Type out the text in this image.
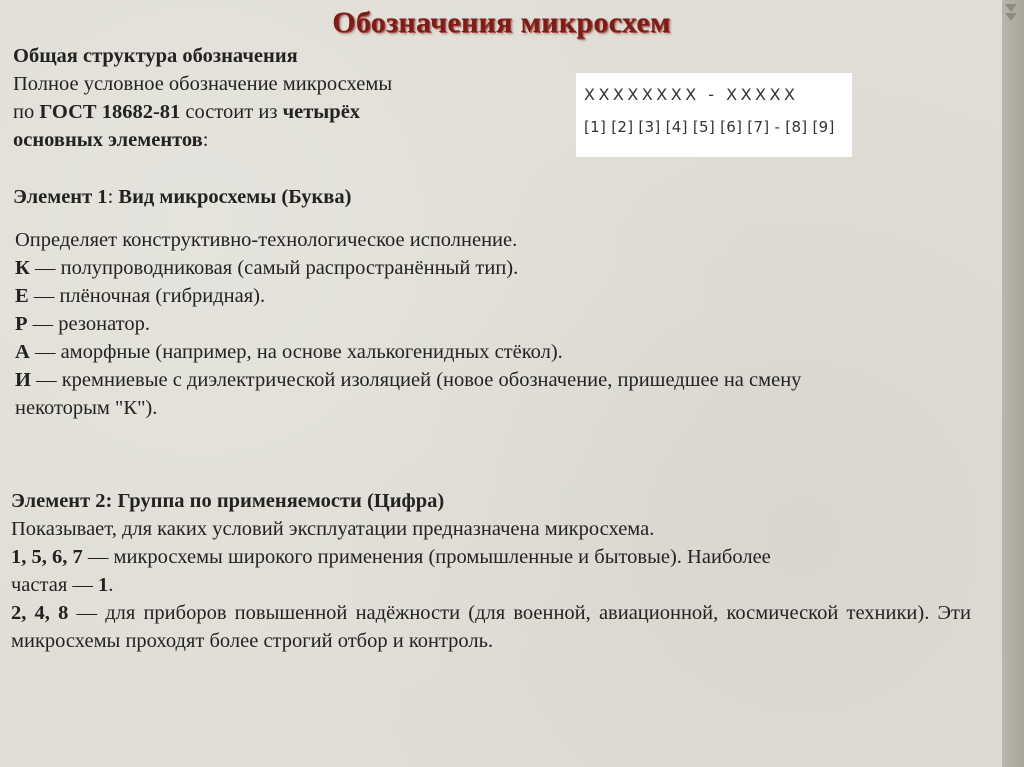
Обозначения микросхем
Общая структура обозначения
Полное условное обозначение микросхемы
по ГОСТ 18682-81 состоит из четырёх
основных элементов:
XXXXXXXX - XXXXX
[1] [2] [3] [4] [5] [6] [7] - [8] [9]
Элемент 1: Вид микросхемы (Буква)
Определяет конструктивно-технологическое исполнение.
К — полупроводниковая (самый распространённый тип).
Е — плёночная (гибридная).
Р — резонатор.
А — аморфные (например, на основе халькогенидных стёкол).
И — кремниевые с диэлектрической изоляцией (новое обозначение, пришедшее на смену
некоторым "К").
Элемент 2: Группа по применяемости (Цифра)
Показывает, для каких условий эксплуатации предназначена микросхема.
1, 5, 6, 7 — микросхемы широкого применения (промышленные и бытовые). Наиболее
частая — 1.

2, 4, 8 — для приборов повышенной надёжности (для военной, авиационной, космической техники). Эти микросхемы проходят более строгий отбор и контроль.
